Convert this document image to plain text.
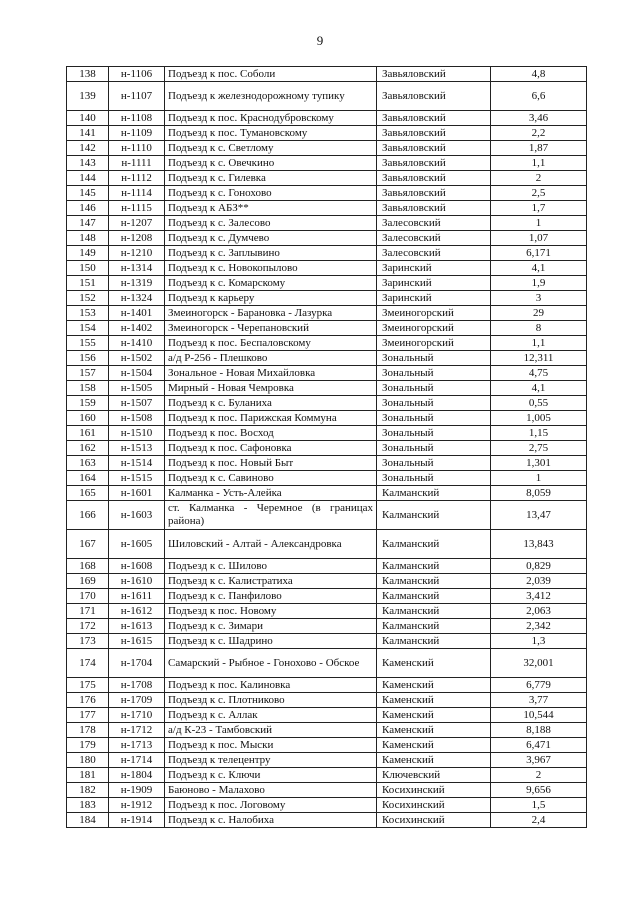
9
138	н-1106	Подъезд к пос. Соболи	Завьяловский	4,8
139	н-1107	Подъезд к железнодорожному тупику	Завьяловский	6,6
140	н-1108	Подъезд к пос. Краснодубровскому	Завьяловский	3,46
141	н-1109	Подъезд к пос. Тумановскому	Завьяловский	2,2
142	н-1110	Подъезд к с. Светлому	Завьяловский	1,87
143	н-1111	Подъезд к с. Овечкино	Завьяловский	1,1
144	н-1112	Подъезд к с. Гилевка	Завьяловский	2
145	н-1114	Подъезд к с. Гонохово	Завьяловский	2,5
146	н-1115	Подъезд к АБЗ**	Завьяловский	1,7
147	н-1207	Подъезд к с. Залесово	Залесовский	1
148	н-1208	Подъезд к с. Думчево	Залесовский	1,07
149	н-1210	Подъезд к с. Заплывино	Залесовский	6,171
150	н-1314	Подъезд к с. Новокопылово	Заринский	4,1
151	н-1319	Подъезд к с. Комарскому	Заринский	1,9
152	н-1324	Подъезд к карьеру	Заринский	3
153	н-1401	Змеиногорск - Барановка - Лазурка	Змеиногорский	29
154	н-1402	Змеиногорск - Черепановский	Змеиногорский	8
155	н-1410	Подъезд к пос. Беспаловскому	Змеиногорский	1,1
156	н-1502	а/д Р-256 - Плешково	Зональный	12,311
157	н-1504	Зональное - Новая Михайловка	Зональный	4,75
158	н-1505	Мирный - Новая Чемровка	Зональный	4,1
159	н-1507	Подъезд к с. Буланиха	Зональный	0,55
160	н-1508	Подъезд к пос. Парижская Коммуна	Зональный	1,005
161	н-1510	Подъезд к пос. Восход	Зональный	1,15
162	н-1513	Подъезд к пос. Сафоновка	Зональный	2,75
163	н-1514	Подъезд к пос. Новый Быт	Зональный	1,301
164	н-1515	Подъезд к с. Савиново	Зональный	1
165	н-1601	Калманка - Усть-Алейка	Калманский	8,059
166	н-1603	ст. Калманка - Черемное (в границах района)	Калманский	13,47
167	н-1605	Шиловский - Алтай - Александровка	Калманский	13,843
168	н-1608	Подъезд к с. Шилово	Калманский	0,829
169	н-1610	Подъезд к с. Калистратиха	Калманский	2,039
170	н-1611	Подъезд к с. Панфилово	Калманский	3,412
171	н-1612	Подъезд к пос. Новому	Калманский	2,063
172	н-1613	Подъезд к с. Зимари	Калманский	2,342
173	н-1615	Подъезд к с. Шадрино	Калманский	1,3
174	н-1704	Самарский - Рыбное - Гонохово - Обское	Каменский	32,001
175	н-1708	Подъезд к пос. Калиновка	Каменский	6,779
176	н-1709	Подъезд к с. Плотниково	Каменский	3,77
177	н-1710	Подъезд к с. Аллак	Каменский	10,544
178	н-1712	а/д К-23 - Тамбовский	Каменский	8,188
179	н-1713	Подъезд к пос. Мыски	Каменский	6,471
180	н-1714	Подъезд к телецентру	Каменский	3,967
181	н-1804	Подъезд к с. Ключи	Ключевский	2
182	н-1909	Баюново - Малахово	Косихинский	9,656
183	н-1912	Подъезд к пос. Логовому	Косихинский	1,5
184	н-1914	Подъезд к с. Налобиха	Косихинский	2,4
